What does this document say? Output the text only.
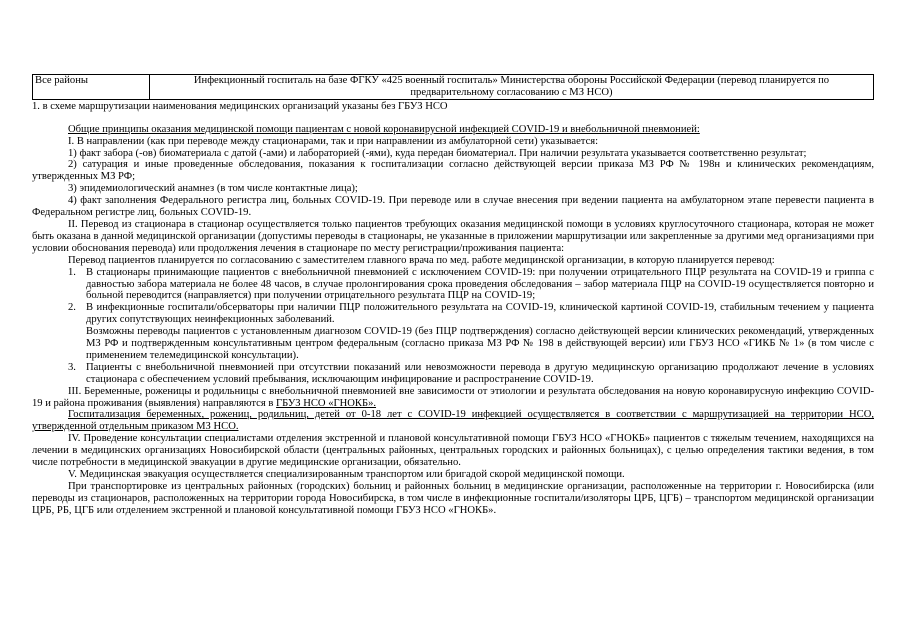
Все районы	Инфекционный госпиталь на базе ФГКУ «425 военный госпиталь» Министерства обороны Российской Федерации (перевод планируется по предварительному согласованию с МЗ НСО)

1. в схеме маршрутизации наименования медицинских организаций указаны без ГБУЗ НСО

Общие принципы оказания медицинской помощи пациентам с новой коронавирусной инфекцией COVID-19 и внебольничной пневмонией:

I. В направлении (как при переводе между стационарами, так и при направлении из амбулаторной сети) указывается:

1) факт забора (-ов) биоматериала с датой (-ами) и лабораторией (-ями), куда передан биоматериал. При наличии результата указывается соответственно результат;

2) сатурация и иные проведенные обследования, показания к госпитализации согласно действующей версии приказа МЗ РФ № 198н и клинических рекомендациям, утвержденных МЗ РФ;

3) эпидемиологический анамнез (в том числе контактные лица);

4) факт заполнения Федерального регистра лиц, больных COVID-19. При переводе или в случае внесения при ведении пациента на амбулаторном этапе перевести пациента в Федеральном регистре лиц, больных COVID-19.

II. Перевод из стационара в стационар осуществляется только пациентов требующих оказания медицинской помощи в условиях круглосуточного стационара, которая не может быть оказана в данной медицинской организации (допустимы переводы в стационары, не указанные в приложении маршрутизации или закрепленные за другими мед организациями при условии обоснования перевода) или продолжения лечения в стационаре по месту регистрации/проживания пациента:

Перевод пациентов планируется по согласованию с заместителем главного врача по мед. работе медицинской организации, в которую планируется перевод:

1. В стационары принимающие пациентов с внебольничной пневмонией с исключением COVID-19: при получении отрицательного ПЦР результата на COVID-19 и гриппа с давностью забора материала не более 48 часов, в случае пролонгирования срока проведения обследования – забор материала ПЦР на COVID-19 осуществляется повторно и больной переводится (направляется) при получении отрицательного результата ПЦР на COVID-19;
2. В инфекционные госпитали/обсерваторы при наличии ПЦР положительного результата на COVID-19, клинической картиной COVID-19, стабильным течением у пациента других сопутствующих неинфекционных заболеваний.
Возможны переводы пациентов с установленным диагнозом COVID-19 (без ПЦР подтверждения) согласно действующей версии клинических рекомендаций, утвержденных МЗ РФ и подтвержденным консультативным центром федеральным (согласно приказа МЗ РФ № 198 в действующей версии) или ГБУЗ НСО «ГИКБ № 1» (в том числе с применением телемедицинской консультации).
3. Пациенты с внебольничной пневмонией при отсутствии показаний или невозможности перевода в другую медицинскую организацию продолжают лечение в условиях стационара с обеспечением условий пребывания, исключающим инфицирование и распространение COVID-19.

III. Беременные, роженицы и родильницы с внебольничной пневмонией вне зависимости от этиологии и результата обследования на новую коронавирусную инфекцию COVID-19 и района проживания (выявления) направляются в ГБУЗ НСО «ГНОКБ».

Госпитализация беременных, рожениц, родильниц, детей от 0-18 лет с COVID-19 инфекцией осуществляется в соответствии с маршрутизацией на территории НСО, утвержденной отдельным приказом МЗ НСО.

IV. Проведение консультации специалистами отделения экстренной и плановой консультативной помощи ГБУЗ НСО «ГНОКБ» пациентов с тяжелым течением, находящихся на лечении в медицинских организациях Новосибирской области (центральных районных, центральных городских и районных больницах), с целью определения тактики ведения, в том числе потребности в медицинской эвакуации в другие медицинские организации, обязательно.

V. Медицинская эвакуация осуществляется специализированным транспортом или бригадой скорой медицинской помощи.

При транспортировке из центральных районных (городских) больниц и районных больниц в медицинские организации, расположенные на территории г. Новосибирска (или переводы из стационаров, расположенных на территории города Новосибирска, в том числе в инфекционные госпитали/изоляторы ЦРБ, ЦГБ) – транспортом медицинской организации ЦРБ, РБ, ЦГБ или отделением экстренной и плановой консультативной помощи ГБУЗ НСО «ГНОКБ».
